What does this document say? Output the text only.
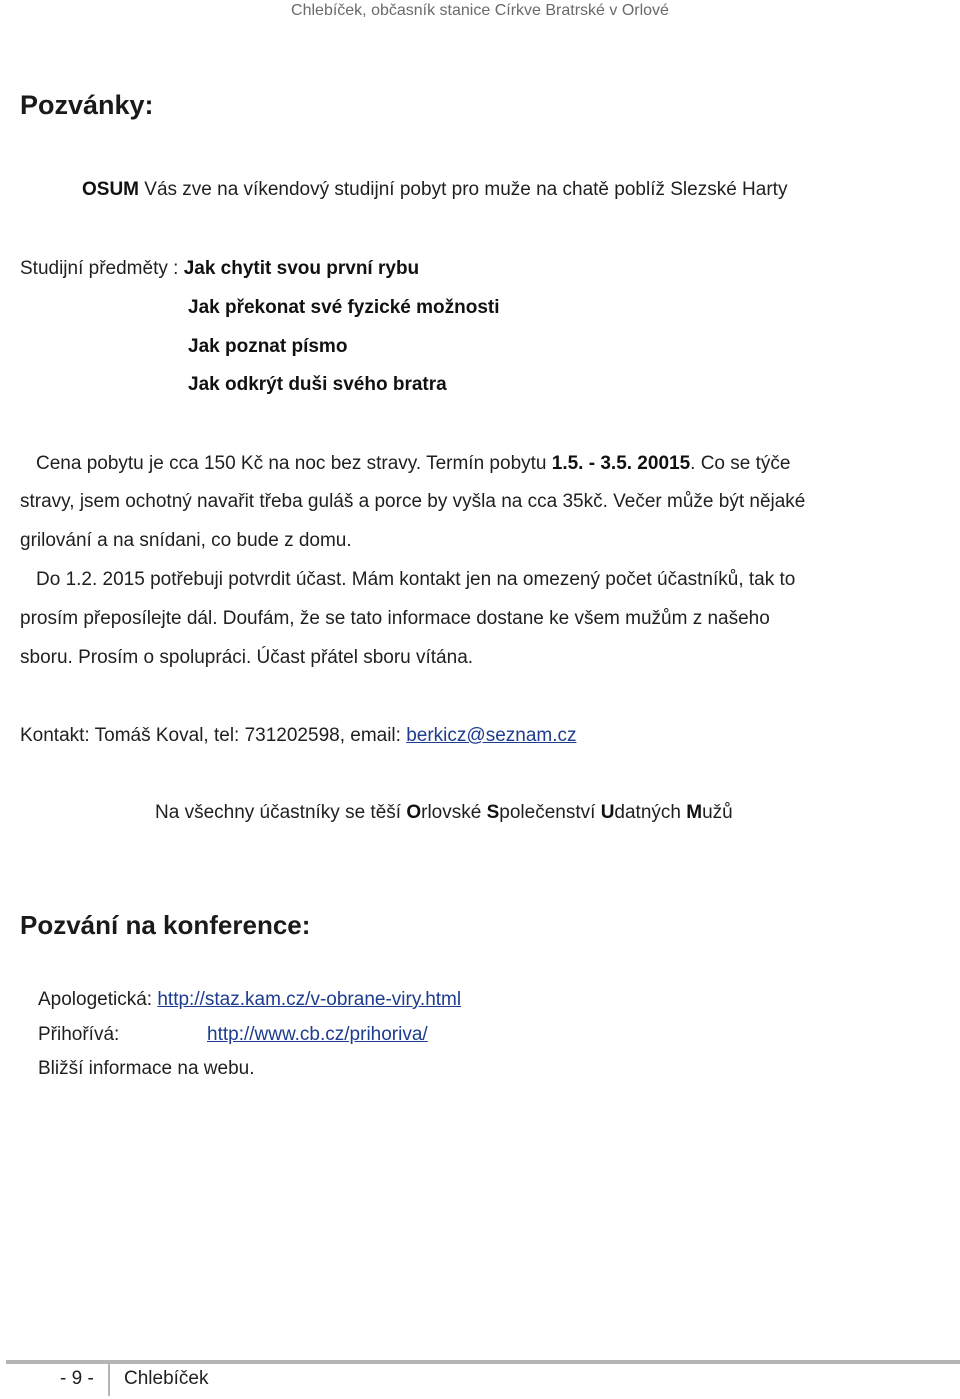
Chlebíček, občasník stanice Církve Bratrské v Orlové
Pozvánky:
OSUM Vás zve na víkendový studijní pobyt pro muže na chatě poblíž Slezské Harty
Studijní předměty : Jak chytit svou první rybu
Jak překonat své fyzické možnosti
Jak poznat písmo
Jak odkrýt duši svého bratra
Cena pobytu je cca 150 Kč na noc bez stravy. Termín pobytu 1.5. - 3.5. 20015. Co se týče
stravy, jsem ochotný navařit třeba guláš a porce by vyšla na cca 35kč. Večer může být nějaké
grilování a na snídani, co bude z domu.
Do 1.2. 2015 potřebuji potvrdit účast. Mám kontakt jen na omezený počet účastníků, tak to
prosím přeposílejte dál. Doufám, že se tato informace dostane ke všem mužům z našeho
sboru. Prosím o spolupráci. Účast přátel sboru vítána.
Kontakt: Tomáš Koval, tel: 731202598, email: berkicz@seznam.cz
Na všechny účastníky se těší Orlovské Společenství Udatných Mužů
Pozvání na konference:
Apologetická: http://staz.kam.cz/v-obrane-viry.html
Přihořívá:	http://www.cb.cz/prihoriva/
Bližší informace na webu.
- 9 - Chlebíček
